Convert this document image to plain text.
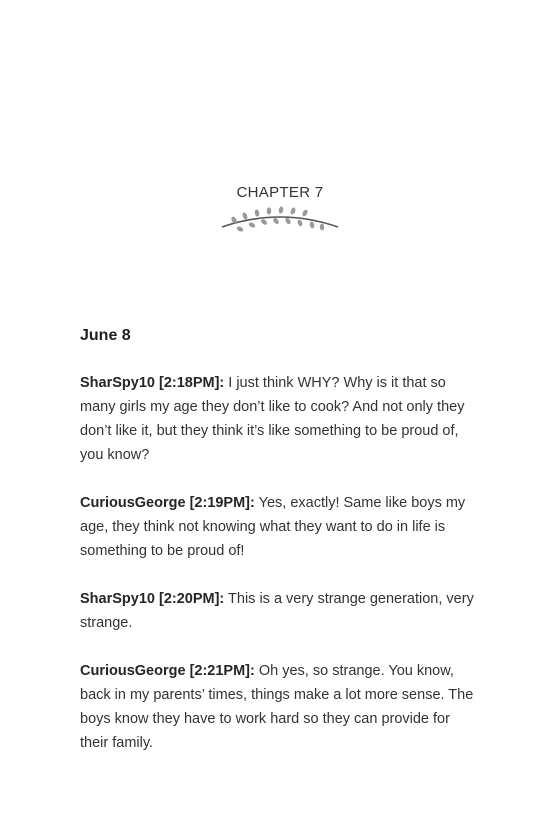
CHAPTER 7
June 8

SharSpy10 [2:18PM]: I just think WHY? Why is it that so many girls my age they don’t like to cook? And not only they don’t like it, but they think it’s like something to be proud of, you know?

CuriousGeorge [2:19PM]: Yes, exactly! Same like boys my age, they think not knowing what they want to do in life is something to be proud of!

SharSpy10 [2:20PM]: This is a very strange generation, very strange.

CuriousGeorge [2:21PM]: Oh yes, so strange. You know, back in my parents’ times, things make a lot more sense. The boys know they have to work hard so they can provide for their family.
